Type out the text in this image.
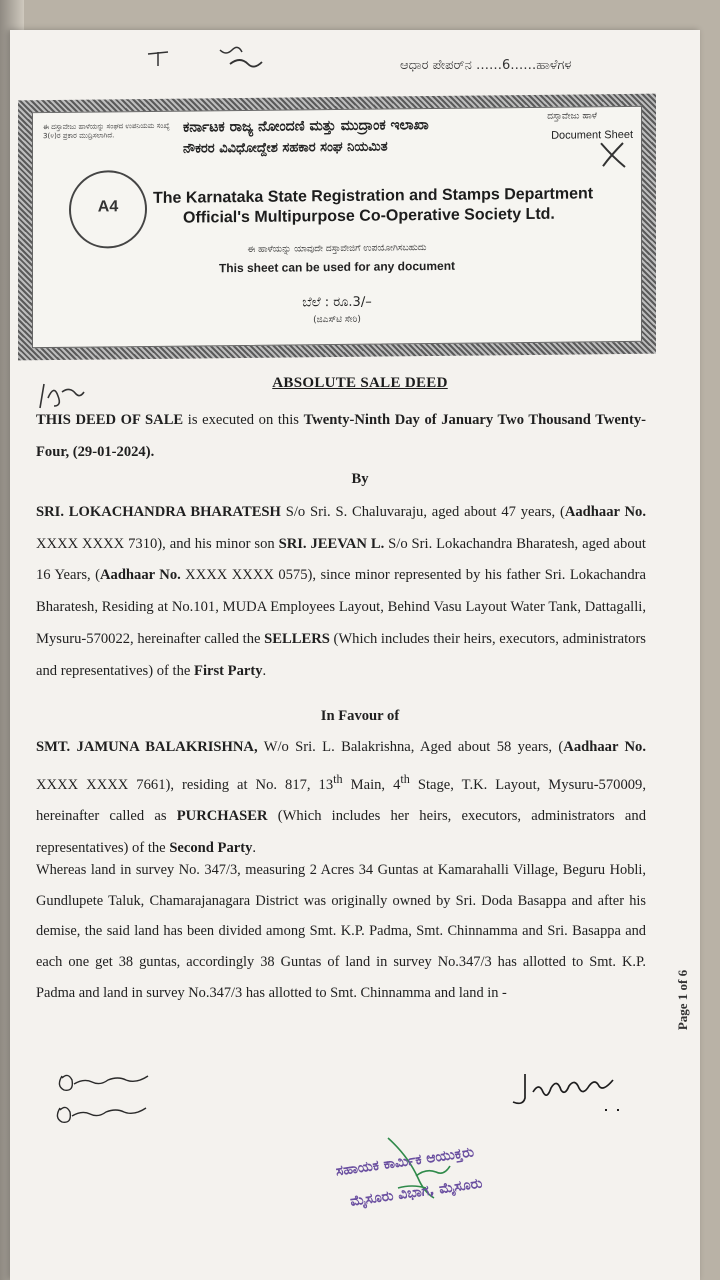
ಆಧಾರ ಪೇಪರ್‌ನ ……6……ಹಾಳೆಗಳ
ಈ ದಸ್ತಾವೇಜು ಹಾಳೆಯನ್ನು ಸಂಘದ ಉಪನಿಯಮ ಸಂಖ್ಯೆ 3(೪)ರ ಪ್ರಕಾರ ಮುದ್ರಿಸಲಾಗಿದೆ.
ಕರ್ನಾಟಕ ರಾಜ್ಯ ನೋಂದಣಿ ಮತ್ತು ಮುದ್ರಾಂಕ ಇಲಾಖಾ
ನೌಕರರ ವಿವಿಧೋದ್ದೇಶ ಸಹಕಾರ ಸಂಘ ನಿಯಮಿತ
ದಸ್ತಾವೇಜು ಹಾಳೆ
Document Sheet
A4	The Karnataka State Registration and Stamps Department
Official's Multipurpose Co-Operative Society Ltd.
ಈ ಹಾಳೆಯನ್ನು ಯಾವುದೇ ದಸ್ತಾವೇಜಿಗೆ ಉಪಯೋಗಿಸಬಹುದು
This sheet can be used for any document
ಬೆಲೆ : ರೂ.3/–
(ಜಿಎಸ್‌ಟಿ ಸೇರಿ)
ABSOLUTE SALE DEED
THIS DEED OF SALE is executed on this Twenty-Ninth Day of January Two Thousand Twenty-Four, (29-01-2024).
By
SRI. LOKACHANDRA BHARATESH S/o Sri. S. Chaluvaraju, aged about 47 years, (Aadhaar No. XXXX XXXX 7310), and his minor son SRI. JEEVAN L. S/o Sri. Lokachandra Bharatesh, aged about 16 Years, (Aadhaar No. XXXX XXXX 0575), since minor represented by his father Sri. Lokachandra Bharatesh, Residing at No.101, MUDA Employees Layout, Behind Vasu Layout Water Tank, Dattagalli, Mysuru-570022, hereinafter called the SELLERS (Which includes their heirs, executors, administrators and representatives) of the First Party.
In Favour of
SMT. JAMUNA BALAKRISHNA, W/o Sri. L. Balakrishna, Aged about 58 years, (Aadhaar No. XXXX XXXX 7661), residing at No. 817, 13th Main, 4th Stage, T.K. Layout, Mysuru-570009, hereinafter called as PURCHASER (Which includes her heirs, executors, administrators and representatives) of the Second Party.
Whereas land in survey No. 347/3, measuring 2 Acres 34 Guntas at Kamarahalli Village, Beguru Hobli, Gundlupete Taluk, Chamarajanagara District was originally owned by Sri. Doda Basappa and after his demise, the said land has been divided among Smt. K.P. Padma, Smt. Chinnamma and Sri. Basappa and each one get 38 guntas, accordingly 38 Guntas of land in survey No.347/3 has allotted to Smt. K.P. Padma and land in survey No.347/3 has allotted to Smt. Chinnamma and land in -	Page 1 of 6
ಸಹಾಯಕ ಕಾರ್ಮಿಕ ಆಯುಕ್ತರು
ಮೈಸೂರು ವಿಭಾಗ, ಮೈಸೂರು
